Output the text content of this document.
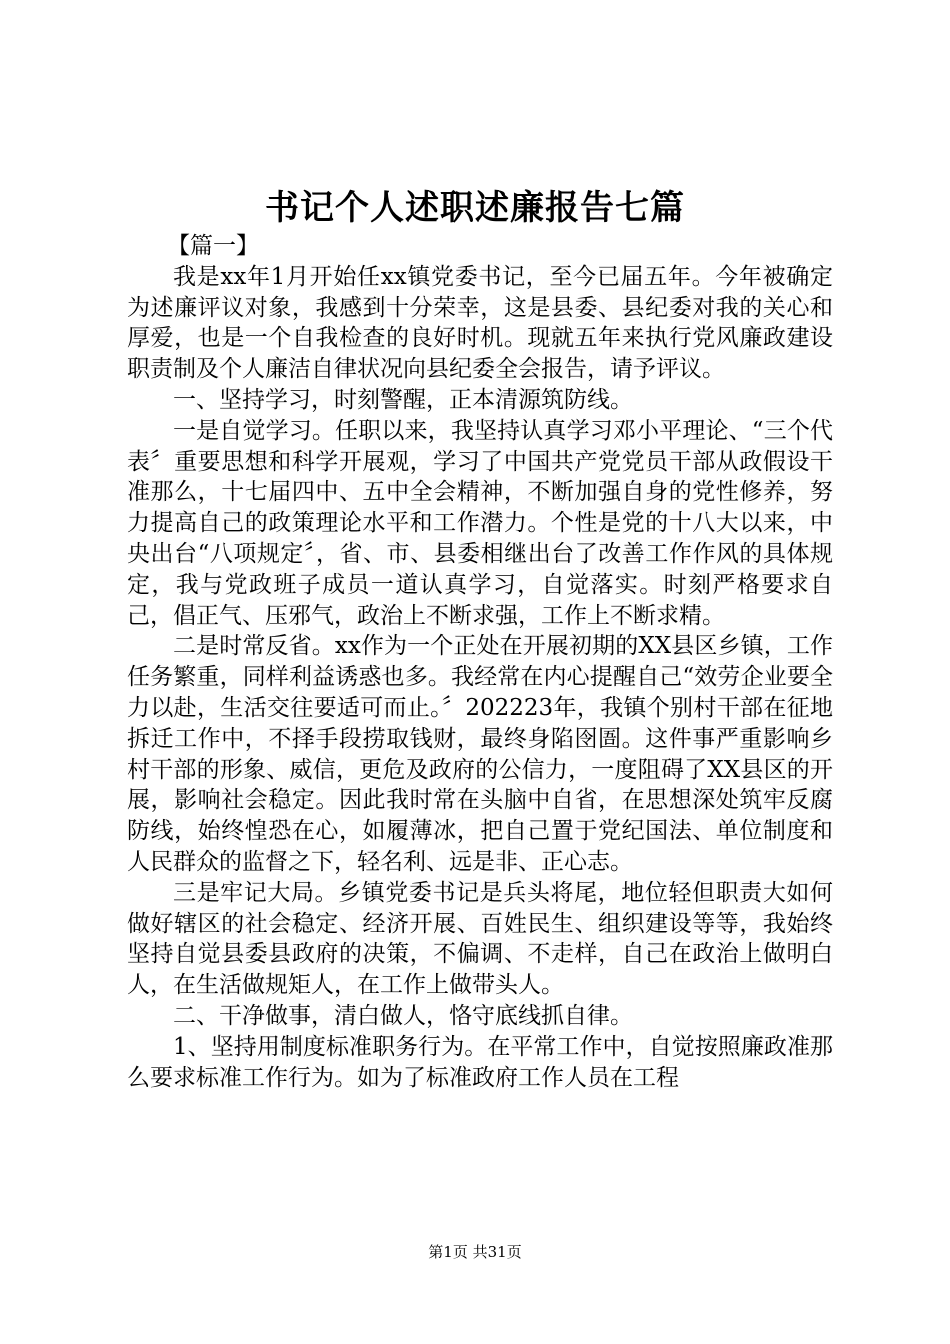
书记个人述职述廉报告七篇

【篇一】

我是xx年1月开始任xx镇党委书记，至今已届五年。今年被确定为述廉评议对象，我感到十分荣幸，这是县委、县纪委对我的关心和厚爱，也是一个自我检查的良好时机。现就五年来执行党风廉政建设职责制及个人廉洁自律状况向县纪委全会报告，请予评议。

一、坚持学习，时刻警醒，正本清源筑防线。

一是自觉学习。任职以来，我坚持认真学习邓小平理论、“三个代表〞重要思想和科学开展观，学习了中国共产党党员干部从政假设干准那么，十七届四中、五中全会精神，不断加强自身的党性修养，努力提高自己的政策理论水平和工作潜力。个性是党的十八大以来，中央出台“八项规定〞，省、市、县委相继出台了改善工作作风的具体规定，我与党政班子成员一道认真学习，自觉落实。时刻严格要求自己，倡正气、压邪气，政治上不断求强，工作上不断求精。

二是时常反省。xx作为一个正处在开展初期的XX县区乡镇，工作任务繁重，同样利益诱惑也多。我经常在内心提醒自己“效劳企业要全力以赴，生活交往要适可而止。〞202223年，我镇个别村干部在征地拆迁工作中，不择手段捞取钱财，最终身陷囹圄。这件事严重影响乡村干部的形象、威信，更危及政府的公信力，一度阻碍了XX县区的开展，影响社会稳定。因此我时常在头脑中自省，在思想深处筑牢反腐防线，始终惶恐在心，如履薄冰，把自己置于党纪国法、单位制度和人民群众的监督之下，轻名利、远是非、正心志。

三是牢记大局。乡镇党委书记是兵头将尾，地位轻但职责大如何做好辖区的社会稳定、经济开展、百姓民生、组织建设等等，我始终坚持自觉县委县政府的决策，不偏调、不走样，自己在政治上做明白人，在生活做规矩人，在工作上做带头人。

二、干净做事，清白做人，恪守底线抓自律。

1、坚持用制度标准职务行为。在平常工作中，自觉按照廉政准那么要求标准工作行为。如为了标准政府工作人员在工程

第1页 共31页
